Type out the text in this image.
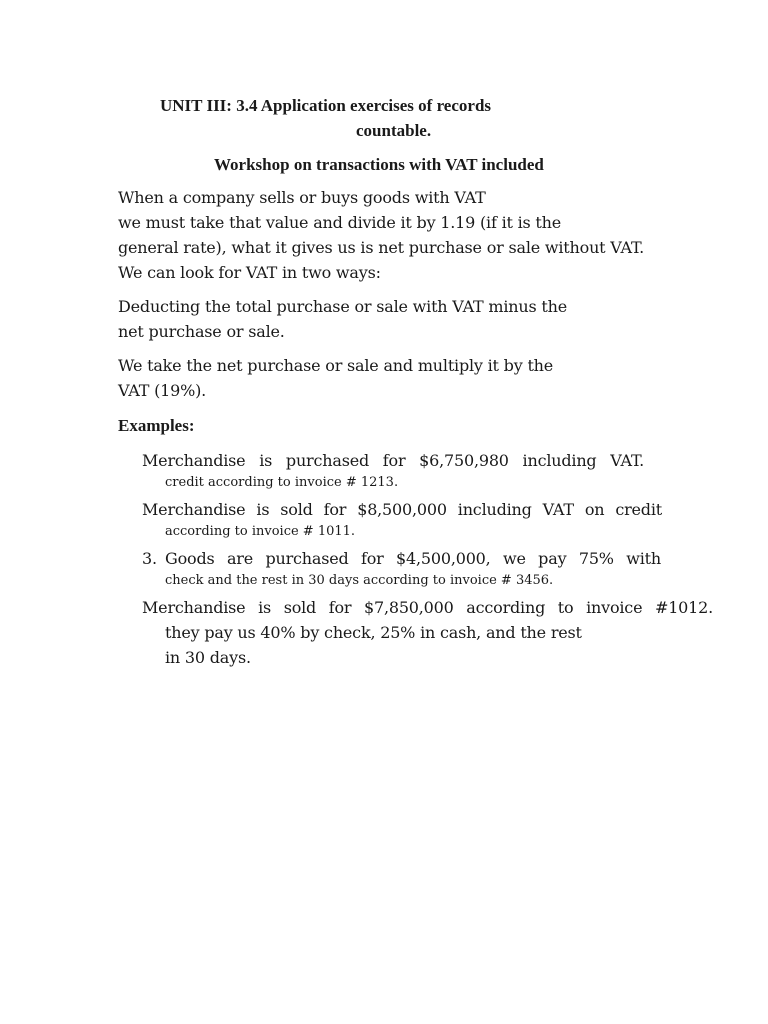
UNIT III: 3.4 Application exercises of records
countable.
Workshop on transactions with VAT included
When a company sells or buys goods with VAT
we must take that value and divide it by 1.19 (if it is the
general rate), what it gives us is net purchase or sale without VAT.
We can look for VAT in two ways:
Deducting the total purchase or sale with VAT minus the
net purchase or sale.
We take the net purchase or sale and multiply it by the
VAT (19%).
Examples:
Merchandise is purchased for $6,750,980 including VAT.
credit according to invoice # 1213.
Merchandise is sold for $8,500,000 including VAT on credit
according to invoice # 1011.
3. Goods are purchased for $4,500,000, we pay 75% with
check and the rest in 30 days according to invoice # 3456.
Merchandise is sold for $7,850,000 according to invoice #1012.
they pay us 40% by check, 25% in cash, and the rest
in 30 days.
